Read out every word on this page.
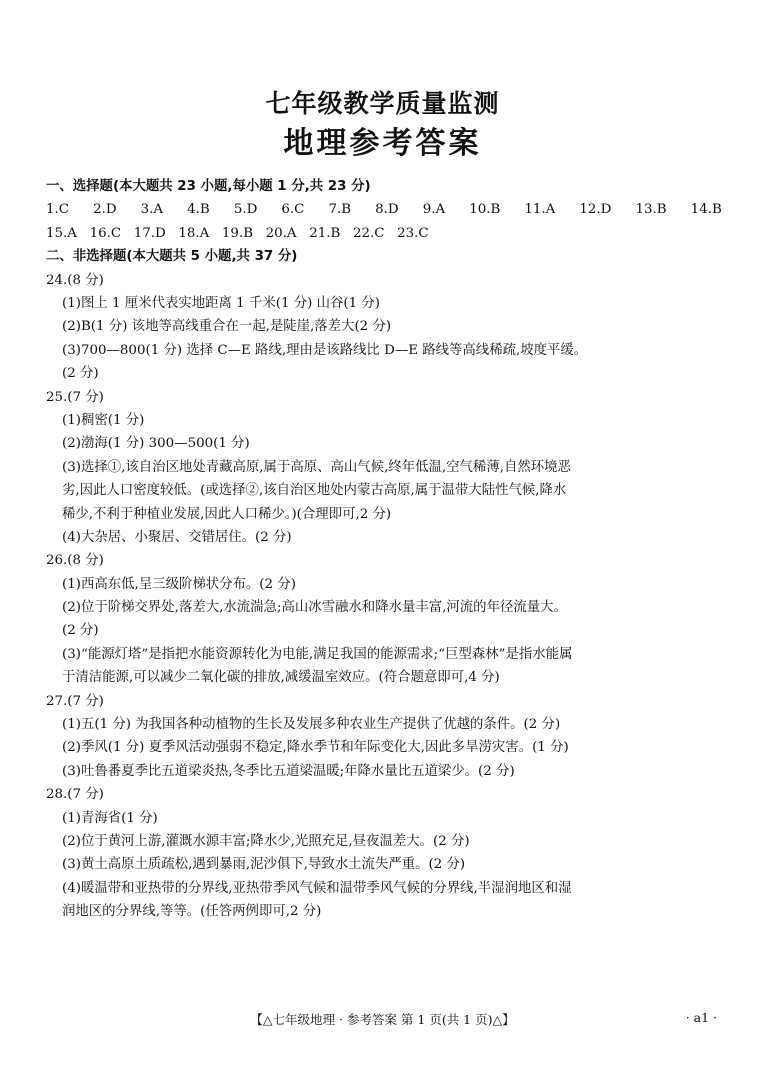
七年级教学质量监测
地理参考答案
一、选择题(本大题共 23 小题,每小题 1 分,共 23 分)
1.C 2.D 3.A 4.B 5.D 6.C 7.B 8.D 9.A 10.B 11.A 12.D 13.B 14.B
15.A 16.C 17.D 18.A 19.B 20.A 21.B 22.C 23.C
二、非选择题(本大题共 5 小题,共 37 分)
24.(8 分)
(1)图上 1 厘米代表实地距离 1 千米(1 分) 山谷(1 分)
(2)B(1 分) 该地等高线重合在一起,是陡崖,落差大(2 分)
(3)700—800(1 分) 选择 C—E 路线,理由是该路线比 D—E 路线等高线稀疏,坡度平缓。
(2 分)
25.(7 分)
(1)稠密(1 分)
(2)渤海(1 分) 300—500(1 分)
(3)选择①,该自治区地处青藏高原,属于高原、高山气候,终年低温,空气稀薄,自然环境恶
劣,因此人口密度较低。(或选择②,该自治区地处内蒙古高原,属于温带大陆性气候,降水
稀少,不利于种植业发展,因此人口稀少。)(合理即可,2 分)
(4)大杂居、小聚居、交错居住。(2 分)
26.(8 分)
(1)西高东低,呈三级阶梯状分布。(2 分)
(2)位于阶梯交界处,落差大,水流湍急;高山冰雪融水和降水量丰富,河流的年径流量大。
(2 分)
(3)“能源灯塔”是指把水能资源转化为电能,满足我国的能源需求;“巨型森林”是指水能属
于清洁能源,可以减少二氧化碳的排放,减缓温室效应。(符合题意即可,4 分)
27.(7 分)
(1)五(1 分) 为我国各种动植物的生长及发展多种农业生产提供了优越的条件。(2 分)
(2)季风(1 分) 夏季风活动强弱不稳定,降水季节和年际变化大,因此多旱涝灾害。(1 分)
(3)吐鲁番夏季比五道梁炎热,冬季比五道梁温暖;年降水量比五道梁少。(2 分)
28.(7 分)
(1)青海省(1 分)
(2)位于黄河上游,灌溉水源丰富;降水少,光照充足,昼夜温差大。(2 分)
(3)黄土高原土质疏松,遇到暴雨,泥沙俱下,导致水土流失严重。(2 分)
(4)暖温带和亚热带的分界线,亚热带季风气候和温带季风气候的分界线,半湿润地区和湿
润地区的分界线,等等。(任答两例即可,2 分)
【△七年级地理 · 参考答案 第 1 页(共 1 页)△】	· a1 ·
